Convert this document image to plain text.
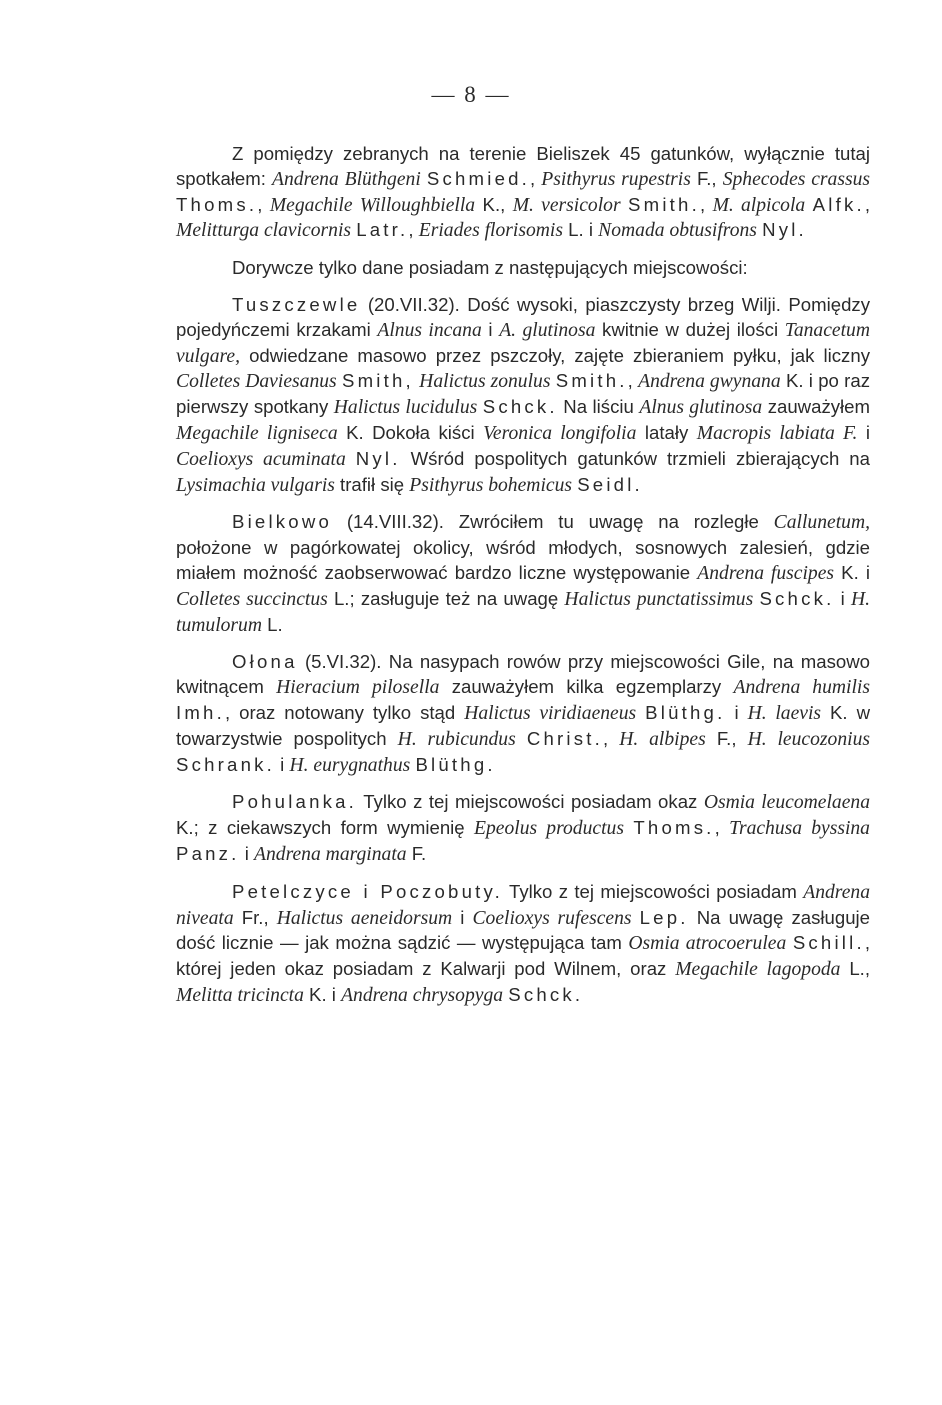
— 8 —

Z pomiędzy zebranych na terenie Bieliszek 45 gatunków, wyłącznie tutaj spotkałem: Andrena Blüthgeni Schmied., Psithyrus rupestris F., Sphecodes crassus Thoms., Megachile Willoughbiella K., M. versicolor Smith., M. alpicola Alfk., Melitturga clavicornis Latr., Eriades florisomis L. i Nomada obtusifrons Nyl.

Dorywcze tylko dane posiadam z następujących miejscowości:

Tuszczewle (20.VII.32). Dość wysoki, piaszczysty brzeg Wilji. Pomiędzy pojedyńczemi krzakami Alnus incana i A. glutinosa kwitnie w dużej ilości Tanacetum vulgare, odwiedzane masowo przez pszczoły, zajęte zbieraniem pyłku, jak liczny Colletes Daviesanus Smith, Halictus zonulus Smith., Andrena gwynana K. i po raz pierwszy spotkany Halictus lucidulus Schck. Na liściu Alnus glutinosa zauważyłem Megachile ligniseca K. Dokoła kiści Veronica longifolia latały Macropis labiata F. i Coelioxys acuminata Nyl. Wśród pospolitych gatunków trzmieli zbierających na Lysimachia vulgaris trafił się Psithyrus bohemicus Seidl.

Bielkowo (14.VIII.32). Zwróciłem tu uwagę na rozległe Callunetum, położone w pagórkowatej okolicy, wśród młodych, sosnowych zalesień, gdzie miałem możność zaobserwować bardzo liczne występowanie Andrena fuscipes K. i Colletes succinctus L.; zasługuje też na uwagę Halictus punctatissimus Schck. i H. tumulorum L.

Ołona (5.VI.32). Na nasypach rowów przy miejscowości Gile, na masowo kwitnącem Hieracium pilosella zauważyłem kilka egzemplarzy Andrena humilis Imh., oraz notowany tylko stąd Halictus viridiaeneus Blüthg. i H. laevis K. w towarzystwie pospolitych H. rubicundus Christ., H. albipes F., H. leucozonius Schrank. i H. eurygnathus Blüthg.

Pohulanka. Tylko z tej miejscowości posiadam okaz Osmia leucomelaena K.; z ciekawszych form wymienię Epeolus productus Thoms., Trachusa byssina Panz. i Andrena marginata F.

Petelczyce i Poczobuty. Tylko z tej miejscowości posiadam Andrena niveata Fr., Halictus aeneidorsum i Coelioxys rufescens Lep. Na uwagę zasługuje dość licznie — jak można sądzić — występująca tam Osmia atrocoerulea Schill., której jeden okaz posiadam z Kalwarji pod Wilnem, oraz Megachile lagopoda L., Melitta tricincta K. i Andrena chrysopyga Schck.
